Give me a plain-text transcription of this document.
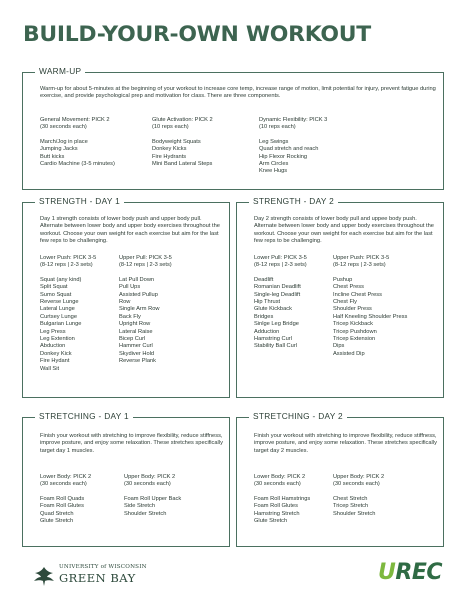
BUILD-YOUR-OWN WORKOUT
WARM-UP
Warm-up for about 5-minutes at the beginning of your workout to increase core temp, increase range of motion, limit potential for injury, prevent fatigue during exercise, and provide psychological prep and motivation for class. There are three components.
General Movement: PICK 2
(30 seconds each)
March/Jog in place
Jumping Jacks
Butt kicks
Cardio Machine (3-5 minutes)
Glute Activation: PICK 2
(10 reps each)
Bodyweight Squats
Donkey Kicks
Fire Hydrants
Mini Band Lateral Steps
Dynamic Flexibility: PICK 3
(10 reps each)
Leg Swings
Quad stretch and reach
Hip Flexor Rocking
Arm Circles
Knee Hugs
STRENGTH - DAY 1
Day 1 strength consists of lower body push and upper body pull. Alternate between lower body and upper body exercises throughout the workout. Choose your own weight for each exercise but aim for the last few reps to be challenging.
Lower Push: PICK 3-5
(8-12 reps | 2-3 sets)
Squat (any kind)
Split Squat
Sumo Squat
Reverse Lunge
Lateral Lunge
Curtsey Lunge
Bulgarian Lunge
Leg Press
Leg Extention
Abduction
Donkey Kick
Fire Hydant
Wall Sit
Upper Pull: PICK 3-5
(8-12 reps | 2-3 sets)
Lat Pull Down
Pull Ups
Assisted Pullup
Row
Single Arm Row
Back Fly
Upright Row
Lateral Raise
Bicep Curl
Hammer Curl
Skydiver Hold
Reverse Plank
STRENGTH - DAY 2
Day 2 strength consists of lower body pull and uppee body push. Alternate between lower body and upper body exercises throughout the workout. Choose your own weight for each exercise but aim for the last few reps to be challenging.
Lower Pull: PICK 3-5
(8-12 reps | 2-3 sets)
Deadlift
Romanian Deadlift
Single-leg Deadlift
Hip Thrust
Glute Kickback
Bridges
Sinlge Leg Bridge
Adduction
Hamstring Curl
Stability Ball Curl
Upper Push: PICK 3-5
(8-12 reps | 2-3 sets)
Pushup
Chest Press
Incline Chest Press
Chest Fly
Shoulder Press
Half Kneeling Shoulder Press
Tricep Kickback
Tricep Pushdown
Tricep Extension
Dips
Assisted Dip
STRETCHING - DAY 1
Finish your workout with stretching to improve flexibility, reduce stiffness, improve posture, and enjoy some relaxation. These stretches specifically target day 1 muscles.
Lower Body: PICK 2
(30 seconds each)
Foam Roll Quads
Foam Roll Glutes
Quad Stretch
Glute Stretch
Upper Body: PICK 2
(30 seconds each)
Foam Roll Upper Back
Side Stretch
Shoulder Stretch
STRETCHING - DAY 2
Finish your workout with stretching to improve flexibility, reduce stiffness, improve posture, and enjoy some relaxation. These stretches specifically target day 2 muscles.
Lower Body: PICK 2
(30 seconds each)
Foam Roll Hamstrings
Foam Roll Glutes
Hamstring Stretch
Glute Stretch
Upper Body: PICK 2
(30 seconds each)
Chest Stretch
Tricep Stretch
Shoulder Stretch
UNIVERSITY of WISCONSIN
GREEN BAY	UREC
